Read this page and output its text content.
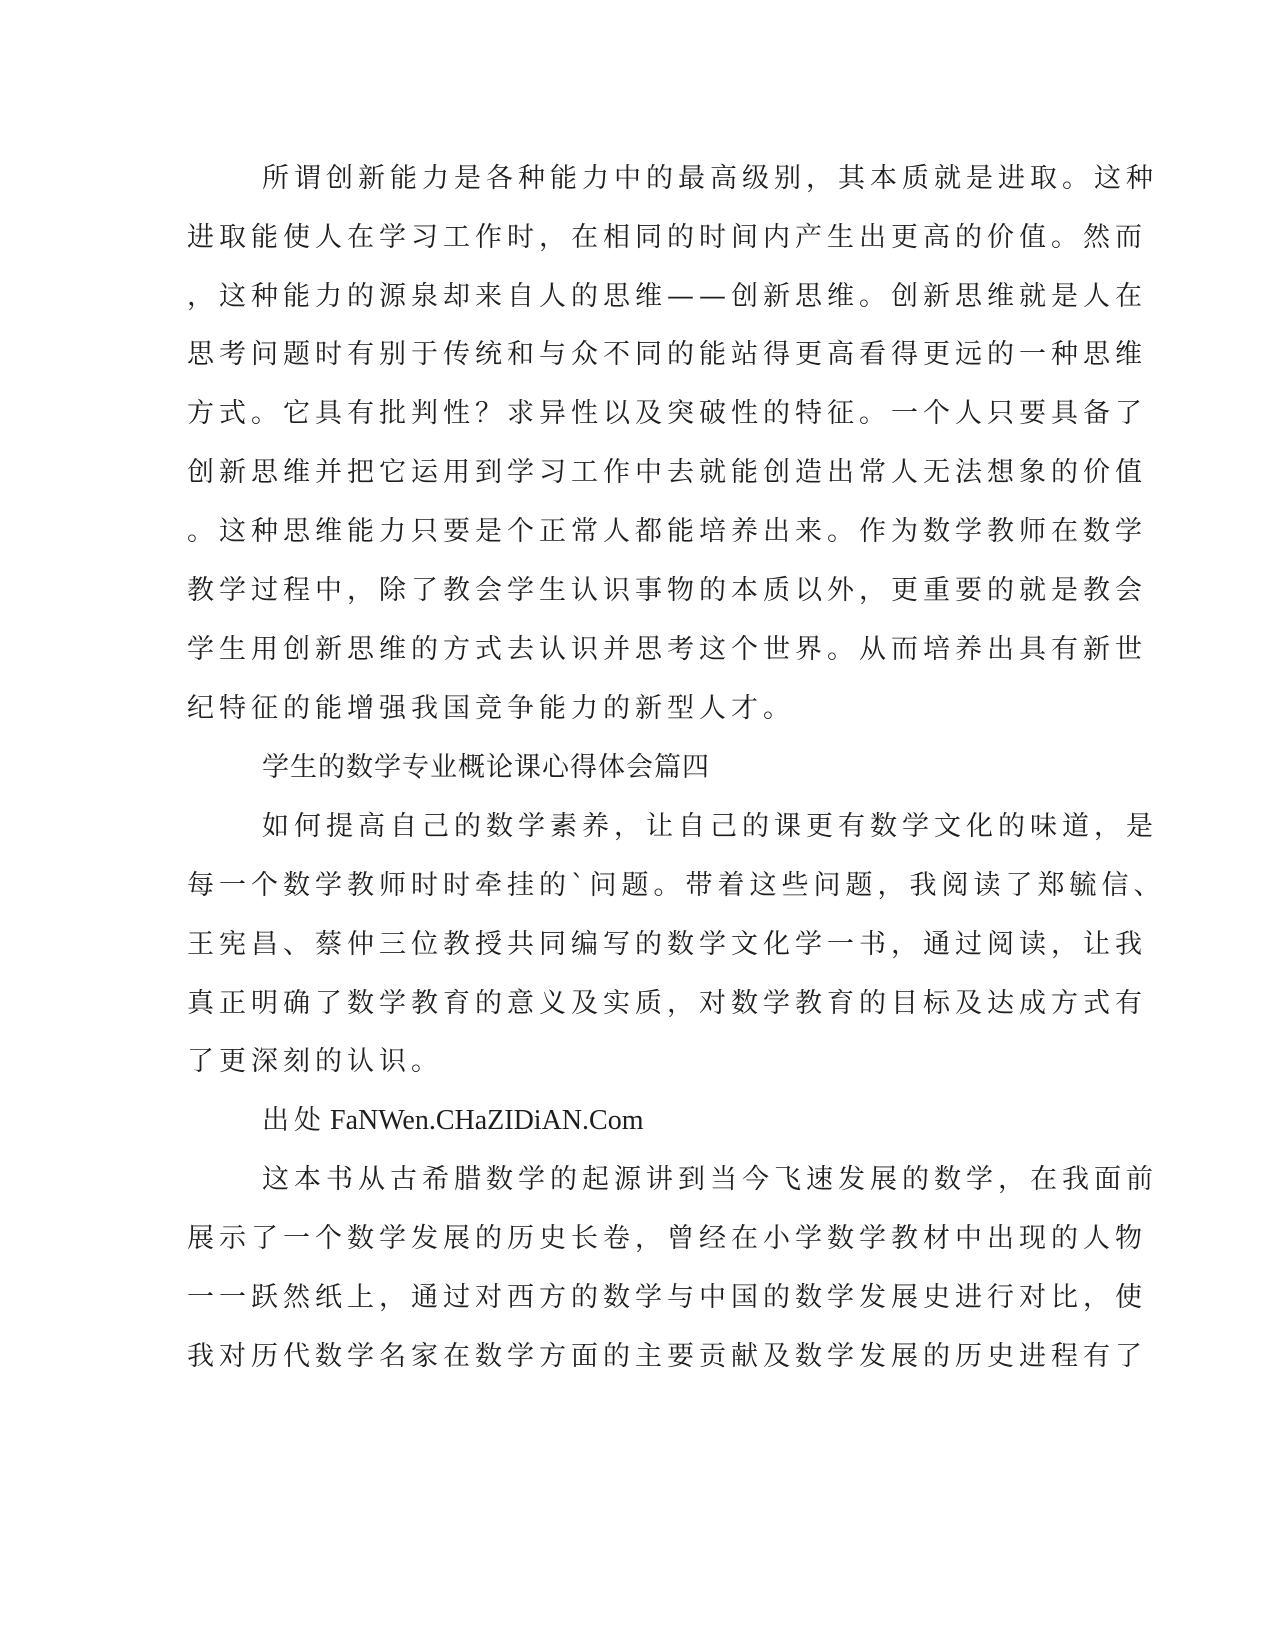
所谓创新能力是各种能力中的最高级别，其本质就是进取。这种

进取能使人在学习工作时，在相同的时间内产生出更高的价值。然而

，这种能力的源泉却来自人的思维——创新思维。创新思维就是人在

思考问题时有别于传统和与众不同的能站得更高看得更远的一种思维

方式。它具有批判性？求异性以及突破性的特征。一个人只要具备了

创新思维并把它运用到学习工作中去就能创造出常人无法想象的价值

。这种思维能力只要是个正常人都能培养出来。作为数学教师在数学

教学过程中，除了教会学生认识事物的本质以外，更重要的就是教会

学生用创新思维的方式去认识并思考这个世界。从而培养出具有新世

纪特征的能增强我国竞争能力的新型人才。

学生的数学专业概论课心得体会篇四

如何提高自己的数学素养，让自己的课更有数学文化的味道，是

每一个数学教师时时牵挂的`问题。带着这些问题，我阅读了郑毓信、

王宪昌、蔡仲三位教授共同编写的数学文化学一书，通过阅读，让我

真正明确了数学教育的意义及实质，对数学教育的目标及达成方式有

了更深刻的认识。

出处 FaNWen.CHaZIDiAN.Com

这本书从古希腊数学的起源讲到当今飞速发展的数学，在我面前

展示了一个数学发展的历史长卷，曾经在小学数学教材中出现的人物

一一跃然纸上，通过对西方的数学与中国的数学发展史进行对比，使

我对历代数学名家在数学方面的主要贡献及数学发展的历史进程有了
